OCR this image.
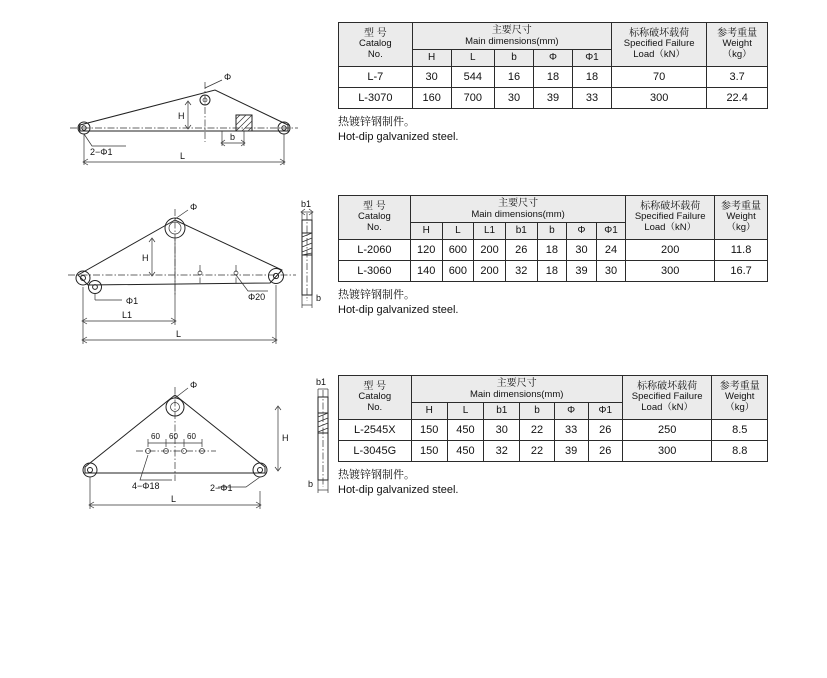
Φ
H
b
2−Φ1	L
型 号
Catalog
No.	主要尺寸
Main dimensions(mm)					标称破坏载荷
Specified Failure
Load（kN）	参考重量
Weight
（kg）

	H	L	b	Φ	Φ1		
L-7	30	544	16	18	18	70	3.7
L-3070	160	700	30	39	33	300	22.4
热镀锌钢制件。
Hot-dip galvanized steel.
Φ
H
Φ1	Φ20
L1
L
b1
b
型 号
Catalog
No.	主要尺寸
Main dimensions(mm)							标称破坏载荷
Specified Failure
Load（kN）	参考重量
Weight
（kg）

	H	L	L1	b1	b	Φ	Φ1		
L-2060	120	600	200	26	18	30	24	200	11.8
L-3060	140	600	200	32	18	39	30	300	16.7
热镀锌钢制件。
Hot-dip galvanized steel.
Φ
60 60 60	H
4−Φ18	2−Φ1
L
b1
b
型 号
Catalog
No.	主要尺寸
Main dimensions(mm)						标称破坏载荷
Specified Failure
Load（kN）	参考重量
Weight
（kg）

	H	L	b1	b	Φ	Φ1		
L-2545X	150	450	30	22	33	26	250	8.5
L-3045G	150	450	32	22	39	26	300	8.8
热镀锌钢制件。
Hot-dip galvanized steel.
